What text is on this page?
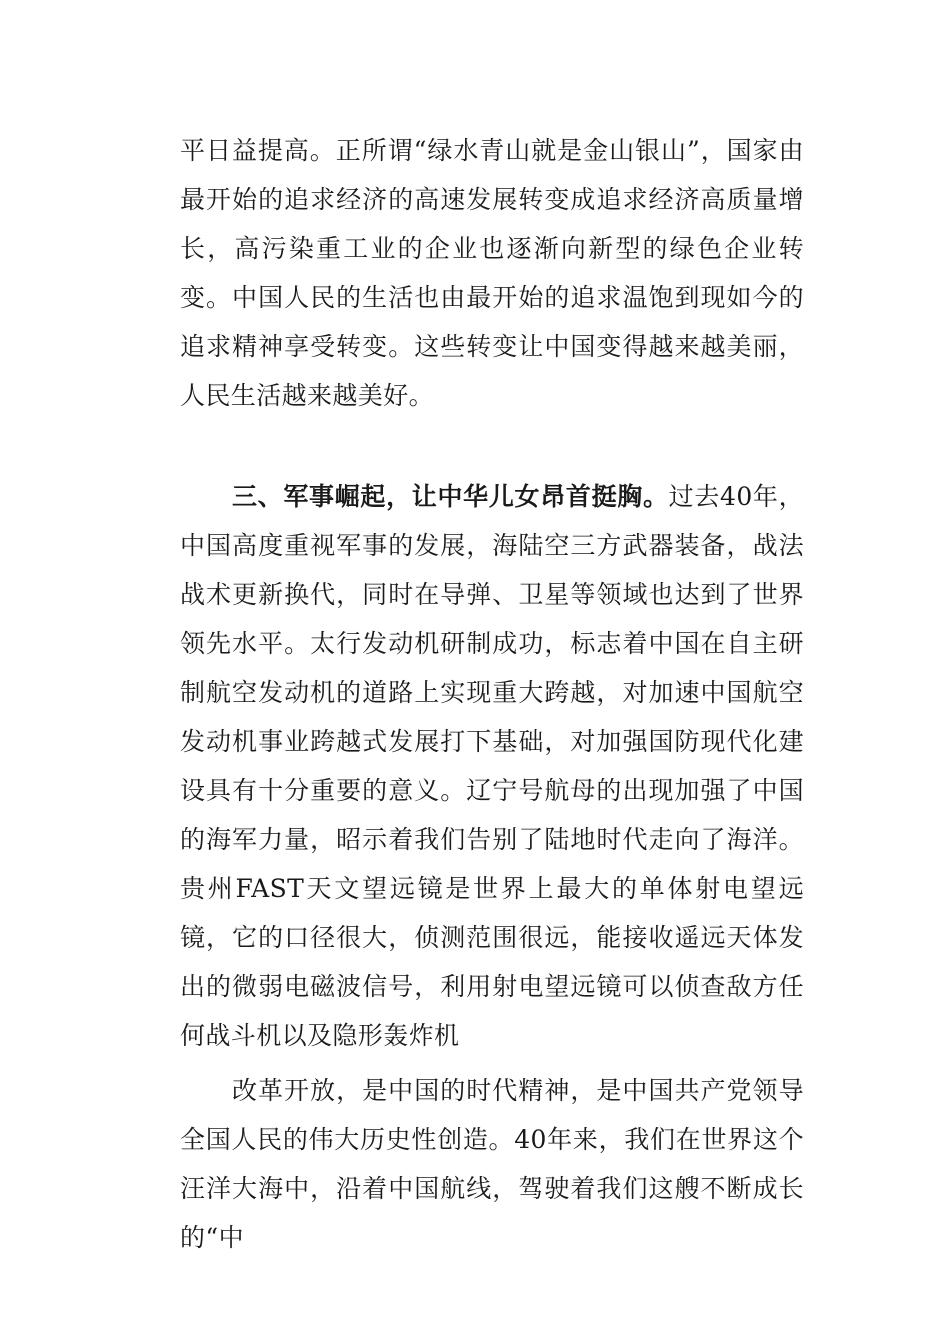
平日益提高。正所谓“绿水青山就是金山银山”，国家由最开始的追求经济的高速发展转变成追求经济高质量增长，高污染重工业的企业也逐渐向新型的绿色企业转变。中国人民的生活也由最开始的追求温饱到现如今的追求精神享受转变。这些转变让中国变得越来越美丽，人民生活越来越美好。

三、军事崛起，让中华儿女昂首挺胸。过去40年，中国高度重视军事的发展，海陆空三方武器装备，战法战术更新换代，同时在导弹、卫星等领域也达到了世界领先水平。太行发动机研制成功，标志着中国在自主研制航空发动机的道路上实现重大跨越，对加速中国航空发动机事业跨越式发展打下基础，对加强国防现代化建设具有十分重要的意义。辽宁号航母的出现加强了中国的海军力量，昭示着我们告别了陆地时代走向了海洋。贵州FAST天文望远镜是世界上最大的单体射电望远镜，它的口径很大，侦测范围很远，能接收遥远天体发出的微弱电磁波信号，利用射电望远镜可以侦查敌方任何战斗机以及隐形轰炸机

改革开放，是中国的时代精神，是中国共产党领导全国人民的伟大历史性创造。40年来，我们在世界这个汪洋大海中，沿着中国航线，驾驶着我们这艘不断成长的“中
